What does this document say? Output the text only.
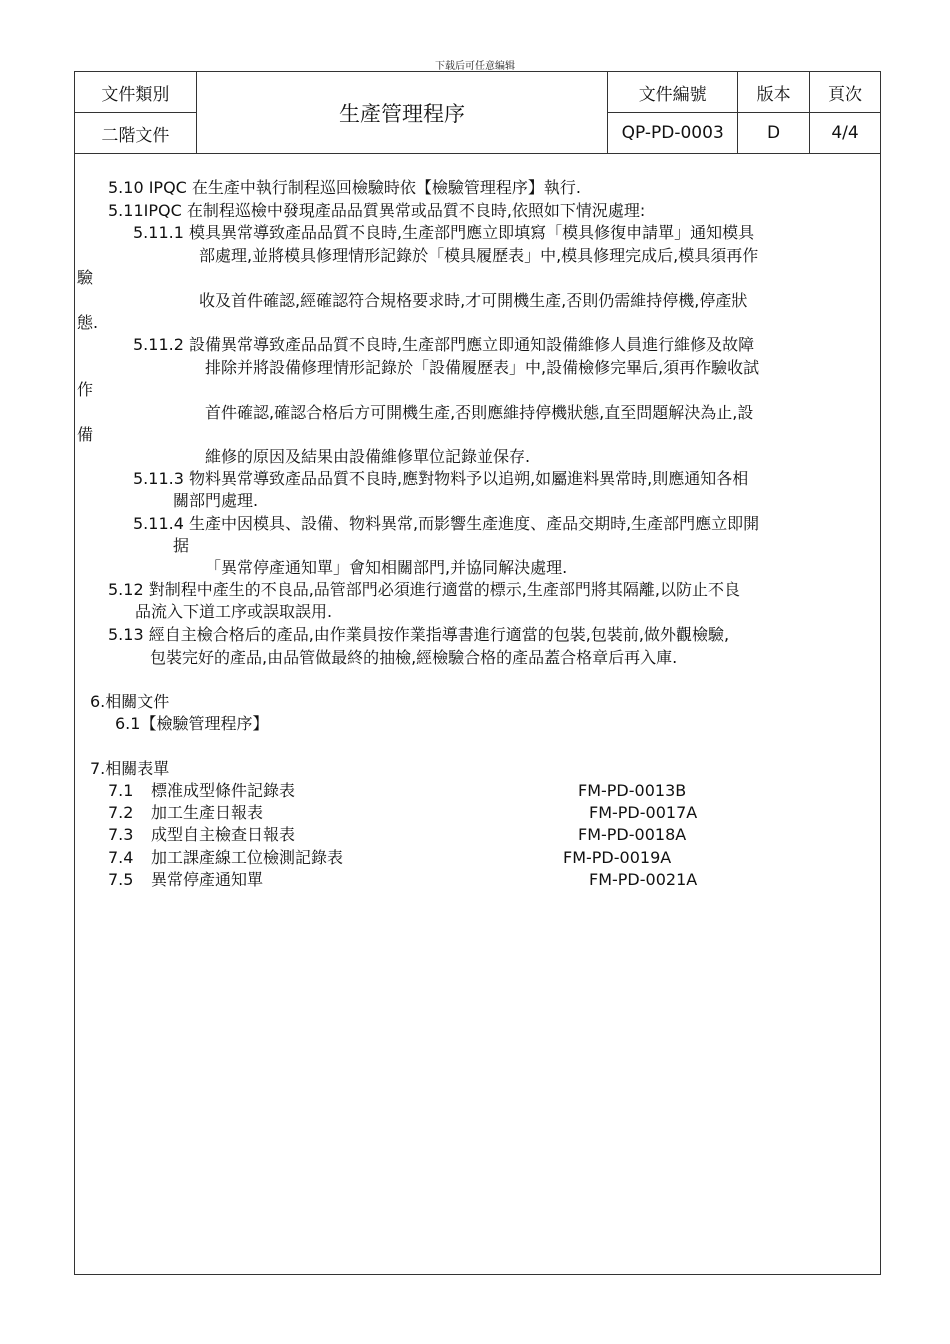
下载后可任意编辑
文件類別	生產管理程序	文件編號	版本	頁次
二階文件		QP-PD-0003	D	4/4
5.10 IPQC 在生產中執行制程巡回檢驗時依【檢驗管理程序】執行.
5.11IPQC 在制程巡檢中發現產品品質異常或品質不良時,依照如下情況處理:
5.11.1 模具異常導致產品品質不良時,生產部門應立即填寫「模具修復申請單」通知模具
部處理,並將模具修理情形記錄於「模具履歷表」中,模具修理完成后,模具須再作
驗
收及首件確認,經確認符合規格要求時,才可開機生產,否則仍需維持停機,停產狀
態.
5.11.2 設備異常導致產品品質不良時,生產部門應立即通知設備維修人員進行維修及故障
排除并將設備修理情形記錄於「設備履歷表」中,設備檢修完畢后,須再作驗收試
作
首件確認,確認合格后方可開機生產,否則應維持停機狀態,直至問題解決為止,設
備
維修的原因及結果由設備維修單位記錄並保存.
5.11.3 物料異常導致產品品質不良時,應對物料予以追朔,如屬進料異常時,則應通知各相
關部門處理.
5.11.4 生產中因模具、設備、物料異常,而影響生產進度、產品交期時,生產部門應立即開
据
「異常停產通知單」會知相關部門,并協同解決處理.
5.12 對制程中產生的不良品,品管部門必須進行適當的標示,生產部門將其隔離,以防止不良
品流入下道工序或誤取誤用.
5.13 經自主檢合格后的產品,由作業員按作業指導書進行適當的包裝,包裝前,做外觀檢驗,
包裝完好的產品,由品管做最終的抽檢,經檢驗合格的產品蓋合格章后再入庫.
6.相關文件
6.1【檢驗管理程序】
7.相關表單
7.1 標准成型條件記錄表	FM-PD-0013B
7.2 加工生產日報表	FM-PD-0017A
7.3 成型自主檢查日報表	FM-PD-0018A
7.4 加工課產線工位檢測記錄表	FM-PD-0019A
7.5 異常停產通知單	FM-PD-0021A
